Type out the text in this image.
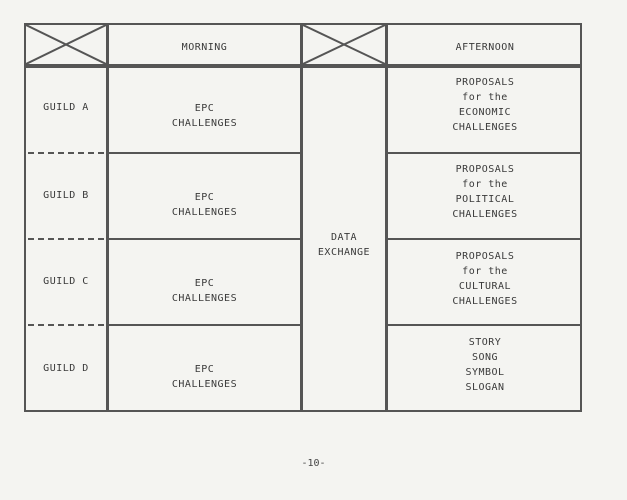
MORNING	AFTERNOON
GUILD A
GUILD B
GUILD C
GUILD D
EPC
CHALLENGES
EPC
CHALLENGES
EPC
CHALLENGES
EPC
CHALLENGES
DATA
EXCHANGE
PROPOSALS
for the
ECONOMIC
CHALLENGES
PROPOSALS
for the
POLITICAL
CHALLENGES
PROPOSALS
for the
CULTURAL
CHALLENGES
STORY
SONG
SYMBOL
SLOGAN
-10-
